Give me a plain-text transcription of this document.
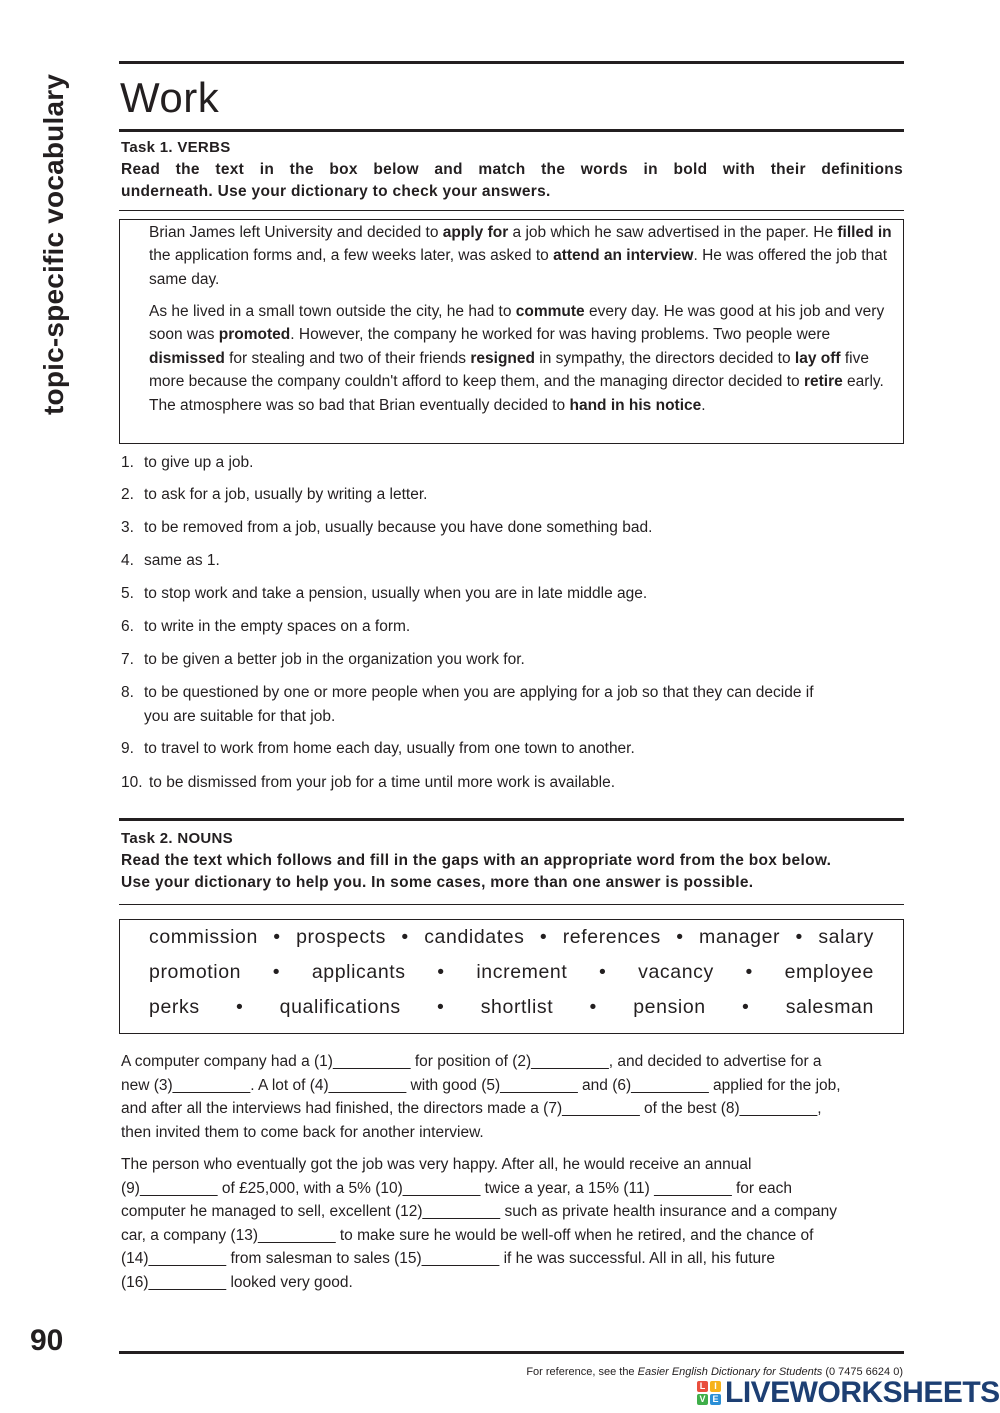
topic-specific vocabulary Work
Task 1. VERBS
Read the text in the box below and match the words in bold with their definitions
underneath. Use your dictionary to check your answers.
Brian James left University and decided to apply for a job which he saw advertised in the paper. He filled in the application forms and, a few weeks later, was asked to attend an interview. He was offered the job that same day.
As he lived in a small town outside the city, he had to commute every day. He was good at his job and very soon was promoted. However, the company he worked for was having problems. Two people were dismissed for stealing and two of their friends resigned in sympathy, the directors decided to lay off five more because the company couldn't afford to keep them, and the managing director decided to retire early. The atmosphere was so bad that Brian eventually decided to hand in his notice.
1. to give up a job.
2. to ask for a job, usually by writing a letter.
3. to be removed from a job, usually because you have done something bad.
4. same as 1.
5. to stop work and take a pension, usually when you are in late middle age.
6. to write in the empty spaces on a form.
7. to be given a better job in the organization you work for.
8. to be questioned by one or more people when you are applying for a job so that they can decide if
you are suitable for that job.
9. to travel to work from home each day, usually from one town to another.
10. to be dismissed from your job for a time until more work is available.
Task 2. NOUNS
Read the text which follows and fill in the gaps with an appropriate word from the box below.
Use your dictionary to help you. In some cases, more than one answer is possible.
commission • prospects • candidates • references • manager • salary
promotion • applicants • increment • vacancy • employee
perks • qualifications • shortlist • pension • salesman
A computer company had a (1)_________ for position of (2)_________, and decided to advertise for a
new (3)_________. A lot of (4)_________ with good (5)_________ and (6)_________ applied for the job,
and after all the interviews had finished, the directors made a (7)_________ of the best (8)_________,
then invited them to come back for another interview.
The person who eventually got the job was very happy. After all, he would receive an annual
(9)_________ of £25,000, with a 5% (10)_________ twice a year, a 15% (11) _________ for each
computer he managed to sell, excellent (12)_________ such as private health insurance and a company
car, a company (13)_________ to make sure he would be well-off when he retired, and the chance of
(14)_________ from salesman to sales (15)_________ if he was successful. All in all, his future
(16)_________ looked very good.
90
For reference, see the Easier English Dictionary for Students (0 7475 6624 0)
L I
V E LIVEWORKSHEETS
